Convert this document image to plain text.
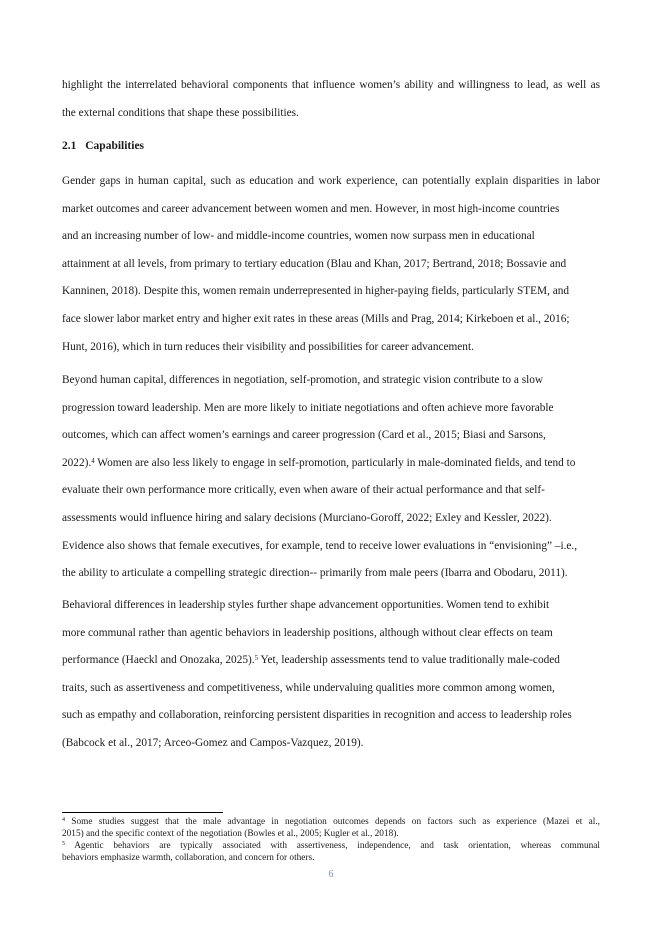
highlight the interrelated behavioral components that influence women’s ability and willingness to lead, as well as
the external conditions that shape these possibilities.
2.1 Capabilities
Gender gaps in human capital, such as education and work experience, can potentially explain disparities in labor
market outcomes and career advancement between women and men. However, in most high-income countries
and an increasing number of low- and middle-income countries, women now surpass men in educational
attainment at all levels, from primary to tertiary education (Blau and Khan, 2017; Bertrand, 2018; Bossavie and
Kanninen, 2018). Despite this, women remain underrepresented in higher-paying fields, particularly STEM, and
face slower labor market entry and higher exit rates in these areas (Mills and Prag, 2014; Kirkeboen et al., 2016;
Hunt, 2016), which in turn reduces their visibility and possibilities for career advancement.
Beyond human capital, differences in negotiation, self-promotion, and strategic vision contribute to a slow
progression toward leadership. Men are more likely to initiate negotiations and often achieve more favorable
outcomes, which can affect women’s earnings and career progression (Card et al., 2015; Biasi and Sarsons,
2022).$^4$ Women are also less likely to engage in self-promotion, particularly in male-dominated fields, and tend to
evaluate their own performance more critically, even when aware of their actual performance and that self-
assessments would influence hiring and salary decisions (Murciano-Goroff, 2022; Exley and Kessler, 2022).
Evidence also shows that female executives, for example, tend to receive lower evaluations in “envisioning” –i.e.,
the ability to articulate a compelling strategic direction-- primarily from male peers (Ibarra and Obodaru, 2011).
Behavioral differences in leadership styles further shape advancement opportunities. Women tend to exhibit
more communal rather than agentic behaviors in leadership positions, although without clear effects on team
performance (Haeckl and Onozaka, 2025).$^5$ Yet, leadership assessments tend to value traditionally male-coded
traits, such as assertiveness and competitiveness, while undervaluing qualities more common among women,
such as empathy and collaboration, reinforcing persistent disparities in recognition and access to leadership roles
(Babcock et al., 2017; Arceo-Gomez and Campos-Vazquez, 2019).
$^4$ Some studies suggest that the male advantage in negotiation outcomes depends on factors such as experience (Mazei et al.,
2015) and the specific context of the negotiation (Bowles et al., 2005; Kugler et al., 2018).
$^5$ Agentic behaviors are typically associated with assertiveness, independence, and task orientation, whereas communal
behaviors emphasize warmth, collaboration, and concern for others.
6
